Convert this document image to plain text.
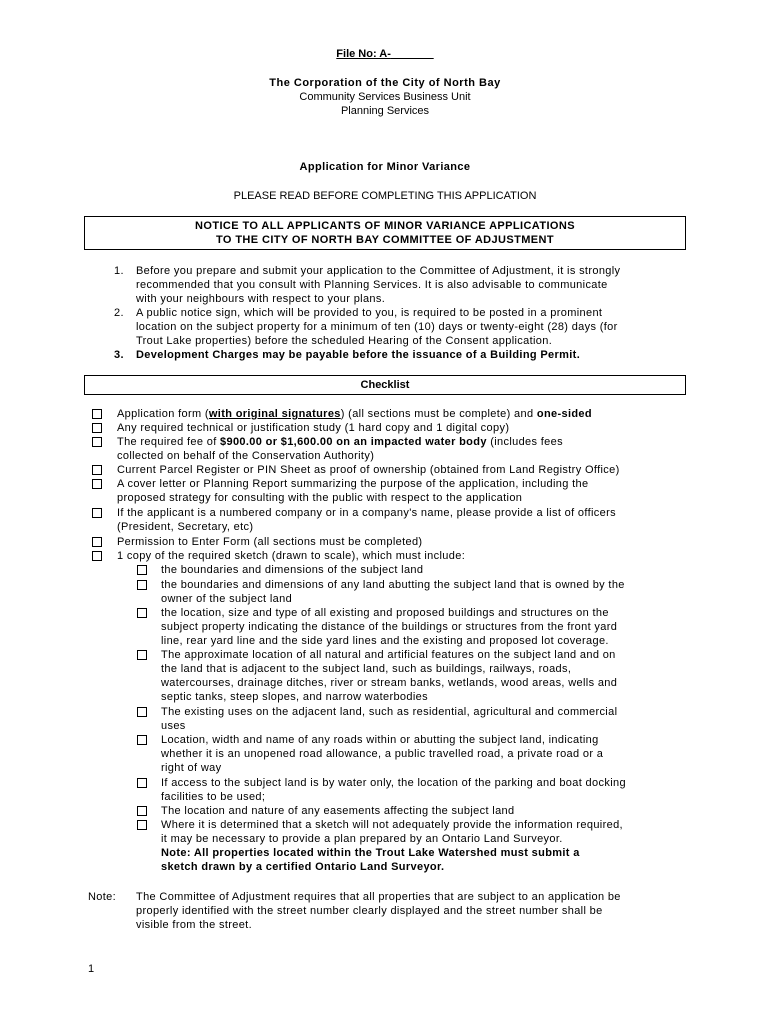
File No: A-
The Corporation of the City of North Bay
Community Services Business Unit
Planning Services
Application for Minor Variance
PLEASE READ BEFORE COMPLETING THIS APPLICATION
NOTICE TO ALL APPLICANTS OF MINOR VARIANCE APPLICATIONS
TO THE CITY OF NORTH BAY COMMITTEE OF ADJUSTMENT
1. Before you prepare and submit your application to the Committee of Adjustment, it is strongly
recommended that you consult with Planning Services. It is also advisable to communicate
with your neighbours with respect to your plans.
2. A public notice sign, which will be provided to you, is required to be posted in a prominent
location on the subject property for a minimum of ten (10) days or twenty-eight (28) days (for
Trout Lake properties) before the scheduled Hearing of the Consent application.
3. Development Charges may be payable before the issuance of a Building Permit.
Checklist
Application form (with original signatures) (all sections must be complete) and one-sided
Any required technical or justification study (1 hard copy and 1 digital copy)
The required fee of $900.00 or $1,600.00 on an impacted water body (includes fees
collected on behalf of the Conservation Authority)
Current Parcel Register or PIN Sheet as proof of ownership (obtained from Land Registry Office)
A cover letter or Planning Report summarizing the purpose of the application, including the
proposed strategy for consulting with the public with respect to the application
If the applicant is a numbered company or in a company's name, please provide a list of officers
(President, Secretary, etc)
Permission to Enter Form (all sections must be completed)
1 copy of the required sketch (drawn to scale), which must include:
the boundaries and dimensions of the subject land
the boundaries and dimensions of any land abutting the subject land that is owned by the
owner of the subject land
the location, size and type of all existing and proposed buildings and structures on the
subject property indicating the distance of the buildings or structures from the front yard
line, rear yard line and the side yard lines and the existing and proposed lot coverage.
The approximate location of all natural and artificial features on the subject land and on
the land that is adjacent to the subject land, such as buildings, railways, roads,
watercourses, drainage ditches, river or stream banks, wetlands, wood areas, wells and
septic tanks, steep slopes, and narrow waterbodies
The existing uses on the adjacent land, such as residential, agricultural and commercial
uses
Location, width and name of any roads within or abutting the subject land, indicating
whether it is an unopened road allowance, a public travelled road, a private road or a
right of way
If access to the subject land is by water only, the location of the parking and boat docking
facilities to be used;
The location and nature of any easements affecting the subject land
Where it is determined that a sketch will not adequately provide the information required,
it may be necessary to provide a plan prepared by an Ontario Land Surveyor.
Note: All properties located within the Trout Lake Watershed must submit a
sketch drawn by a certified Ontario Land Surveyor.
Note: The Committee of Adjustment requires that all properties that are subject to an application be
properly identified with the street number clearly displayed and the street number shall be
visible from the street.
1
